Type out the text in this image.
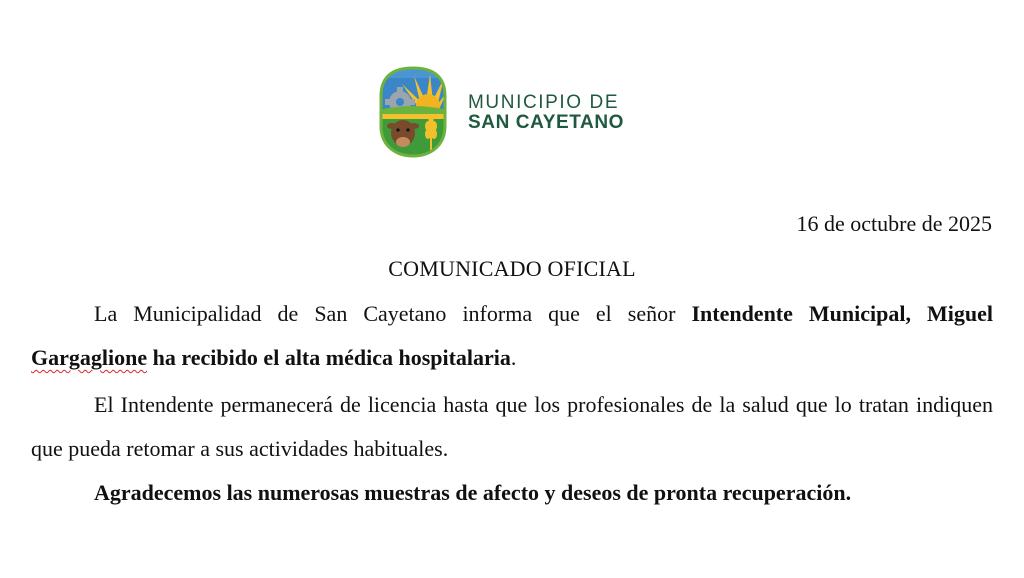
MUNICIPIO DE
SAN CAYETANO
16 de octubre de 2025
COMUNICADO OFICIAL

La Municipalidad de San Cayetano informa que el señor Intendente Municipal, Miguel Gargaglione ha recibido el alta médica hospitalaria.

El Intendente permanecerá de licencia hasta que los profesionales de la salud que lo tratan indiquen que pueda retomar a sus actividades habituales.

Agradecemos las numerosas muestras de afecto y deseos de pronta recuperación.
